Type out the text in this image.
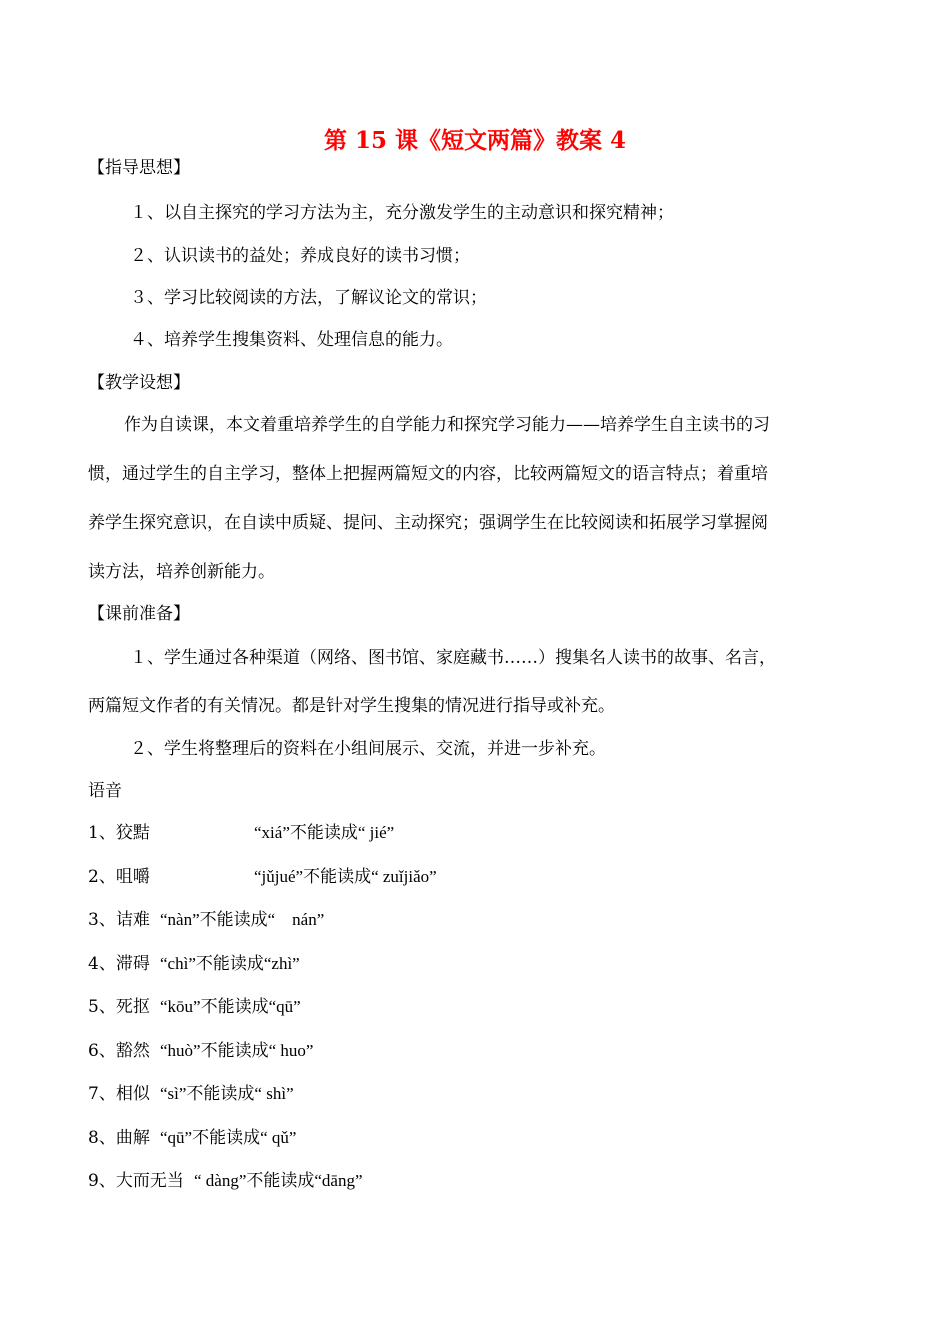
第 15 课《短文两篇》教案 4
【指导思想】
１、以自主探究的学习方法为主，充分激发学生的主动意识和探究精神；
２、认识读书的益处；养成良好的读书习惯；
３、学习比较阅读的方法，了解议论文的常识；
４、培养学生搜集资料、处理信息的能力。
【教学设想】
作为自读课，本文着重培养学生的自学能力和探究学习能力——培养学生自主读书的习
惯，通过学生的自主学习，整体上把握两篇短文的内容，比较两篇短文的语言特点；着重培
养学生探究意识，在自读中质疑、提问、主动探究；强调学生在比较阅读和拓展学习掌握阅
读方法，培养创新能力。
【课前准备】
１、学生通过各种渠道（网络、图书馆、家庭藏书……）搜集名人读书的故事、名言，
两篇短文作者的有关情况。都是针对学生搜集的情况进行指导或补充。
２、学生将整理后的资料在小组间展示、交流，并进一步补充。
语音
1、狡黠	“xiá”不能读成“ jié”
2、咀嚼	“jǔjué”不能读成“ zuǐjiǎo”
3、诘难 “nàn”不能读成“　nán”
4、滞碍 “chì”不能读成“zhì”
5、死抠 “kōu”不能读成“qū”
6、豁然 “huò”不能读成“ huo”
7、相似 “sì”不能读成“ shì”
8、曲解 “qū”不能读成“ qǔ”
9、大而无当 “ dàng”不能读成“dāng”
